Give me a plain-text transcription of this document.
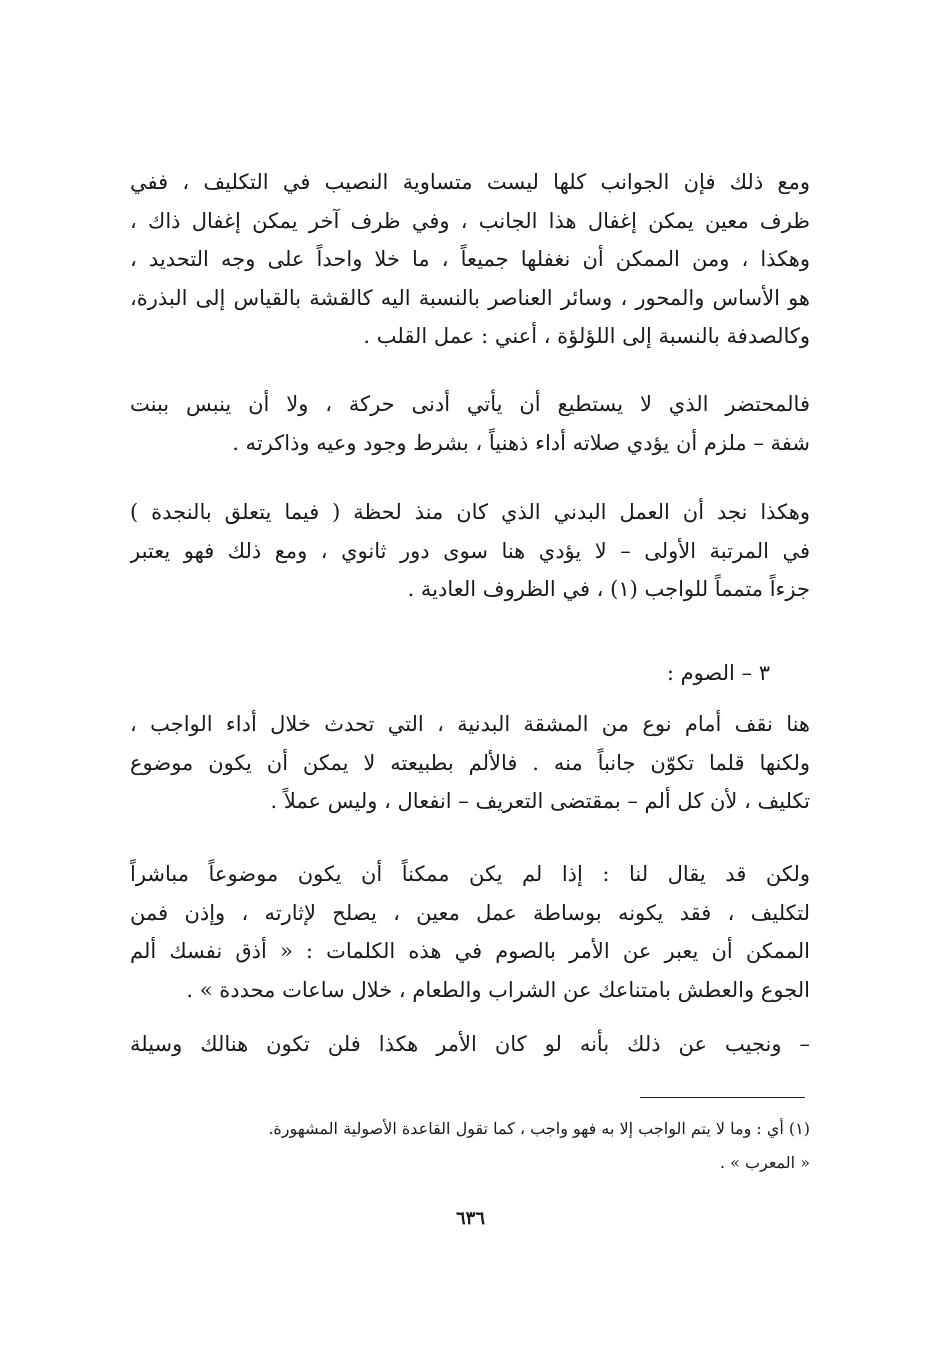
ومع ذلك فإن الجوانب كلها ليست متساوية النصيب في التكليف ، ففي
ظرف معين يمكن إغفال هذا الجانب ، وفي ظرف آخر يمكن إغفال ذاك ،
وهكذا ، ومن الممكن أن نغفلها جميعاً ، ما خلا واحداً على وجه التحديد ،
هو الأساس والمحور ، وسائر العناصر بالنسبة اليه كالقشة بالقياس إلى البذرة،
وكالصدفة بالنسبة إلى اللؤلؤة ، أعني : عمل القلب .
فالمحتضر الذي لا يستطيع أن يأتي أدنى حركة ، ولا أن ينبس ببنت
شفة – ملزم أن يؤدي صلاته أداء ذهنياً ، بشرط وجود وعيه وذاكرته .
وهكذا نجد أن العمل البدني الذي كان منذ لحظة ( فيما يتعلق بالنجدة )
في المرتبة الأولى – لا يؤدي هنا سوى دور ثانوي ، ومع ذلك فهو يعتبر
جزءاً متمماً للواجب (١) ، في الظروف العادية .
٣ – الصوم :
هنا نقف أمام نوع من المشقة البدنية ، التي تحدث خلال أداء الواجب ،
ولكنها قلما تكوّن جانباً منه . فالألم بطبيعته لا يمكن أن يكون موضوع
تكليف ، لأن كل ألم – بمقتضى التعريف – انفعال ، وليس عملاً .
ولكن قد يقال لنا : إذا لم يكن ممكناً أن يكون موضوعاً مباشراً
لتكليف ، فقد يكونه بوساطة عمل معين ، يصلح لإثارته ، وإذن فمن
الممكن أن يعبر عن الأمر بالصوم في هذه الكلمات : « أذق نفسك ألم
الجوع والعطش بامتناعك عن الشراب والطعام ، خلال ساعات محددة » .
– ونجيب عن ذلك بأنه لو كان الأمر هكذا فلن تكون هنالك وسيلة
(١) أي : وما لا يتم الواجب إلا به فهو واجب ، كما تقول القاعدة الأصولية المشهورة.
« المعرب » .
٦٣٦
